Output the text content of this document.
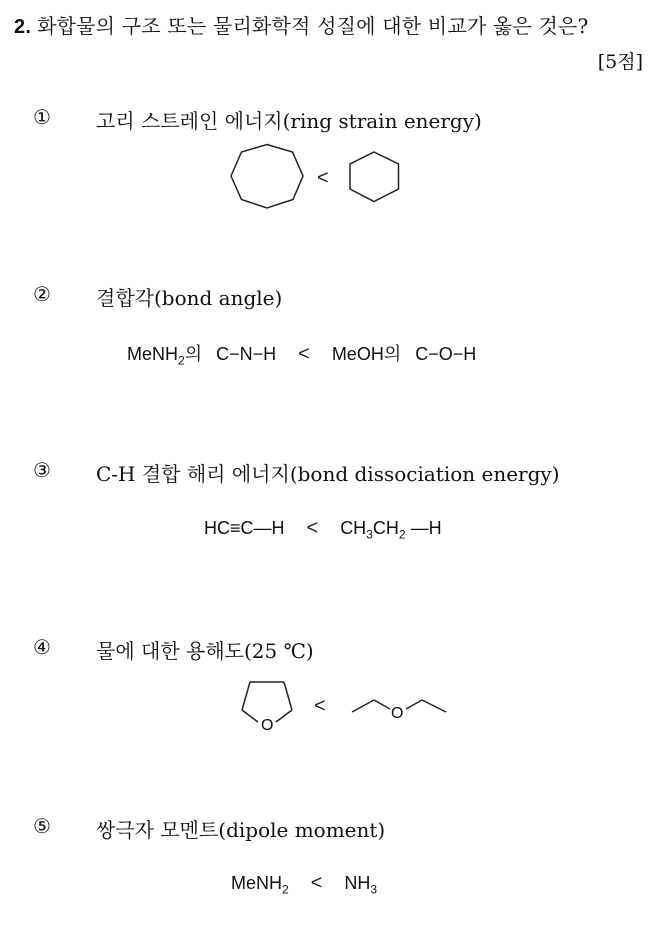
2. 화합물의 구조 또는 물리화학적 성질에 대한 비교가 옳은 것은?
[5점]
① 고리 스트레인 에너지(ring strain energy)
<
② 결합각(bond angle)
MeNH$_2$의 C−N−H < MeOH의 C−O−H
③ C-H 결합 해리 에너지(bond dissociation energy)
HC≡C—H < $CH_3CH_2$ —H
④ 물에 대한 용해도(25 ℃)
O
<	O
⑤ 쌍극자 모멘트(dipole moment)
MeNH$_2$ < $NH_3$
